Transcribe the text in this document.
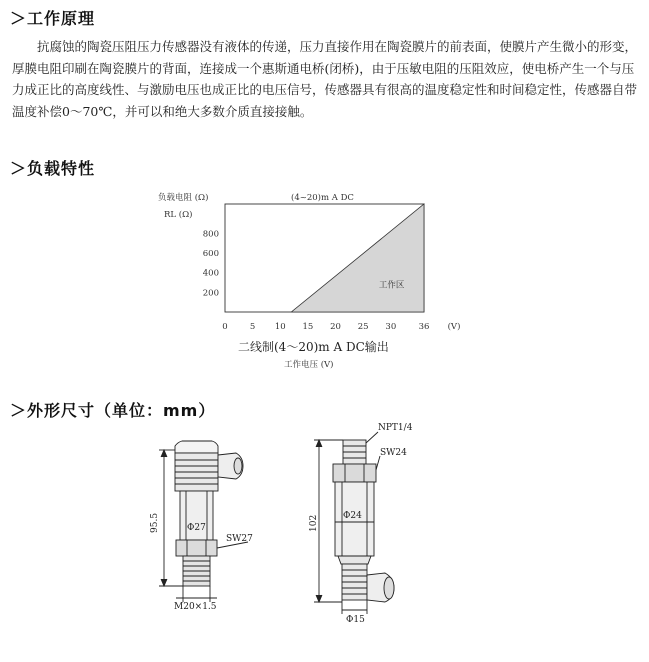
＞工作原理

抗腐蚀的陶瓷压阻压力传感器没有液体的传递，压力直接作用在陶瓷膜片的前表面，使膜片产生微小的形变，厚膜电阻印刷在陶瓷膜片的背面，连接成一个惠斯通电桥(闭桥)，由于压敏电阻的压阻效应，使电桥产生一个与压力成正比的高度线性、与激励电压也成正比的电压信号，传感器具有很高的温度稳定性和时间稳定性，传感器自带温度补偿0～70℃，并可以和绝大多数介质直接接触。

＞负载特性
＞外形尺寸（单位：mm）
负载电阻 (Ω)
RL (Ω)
(4~20)m A DC
二线制(4～20)m A DC输出
工作电压 (V)
工作区
800
600
400
200
0	5 10 15 20 25 30	36 (V)
95.5	Φ27
SW27
M20×1.5
NPT1/4
SW24
Φ24
102
Φ15
